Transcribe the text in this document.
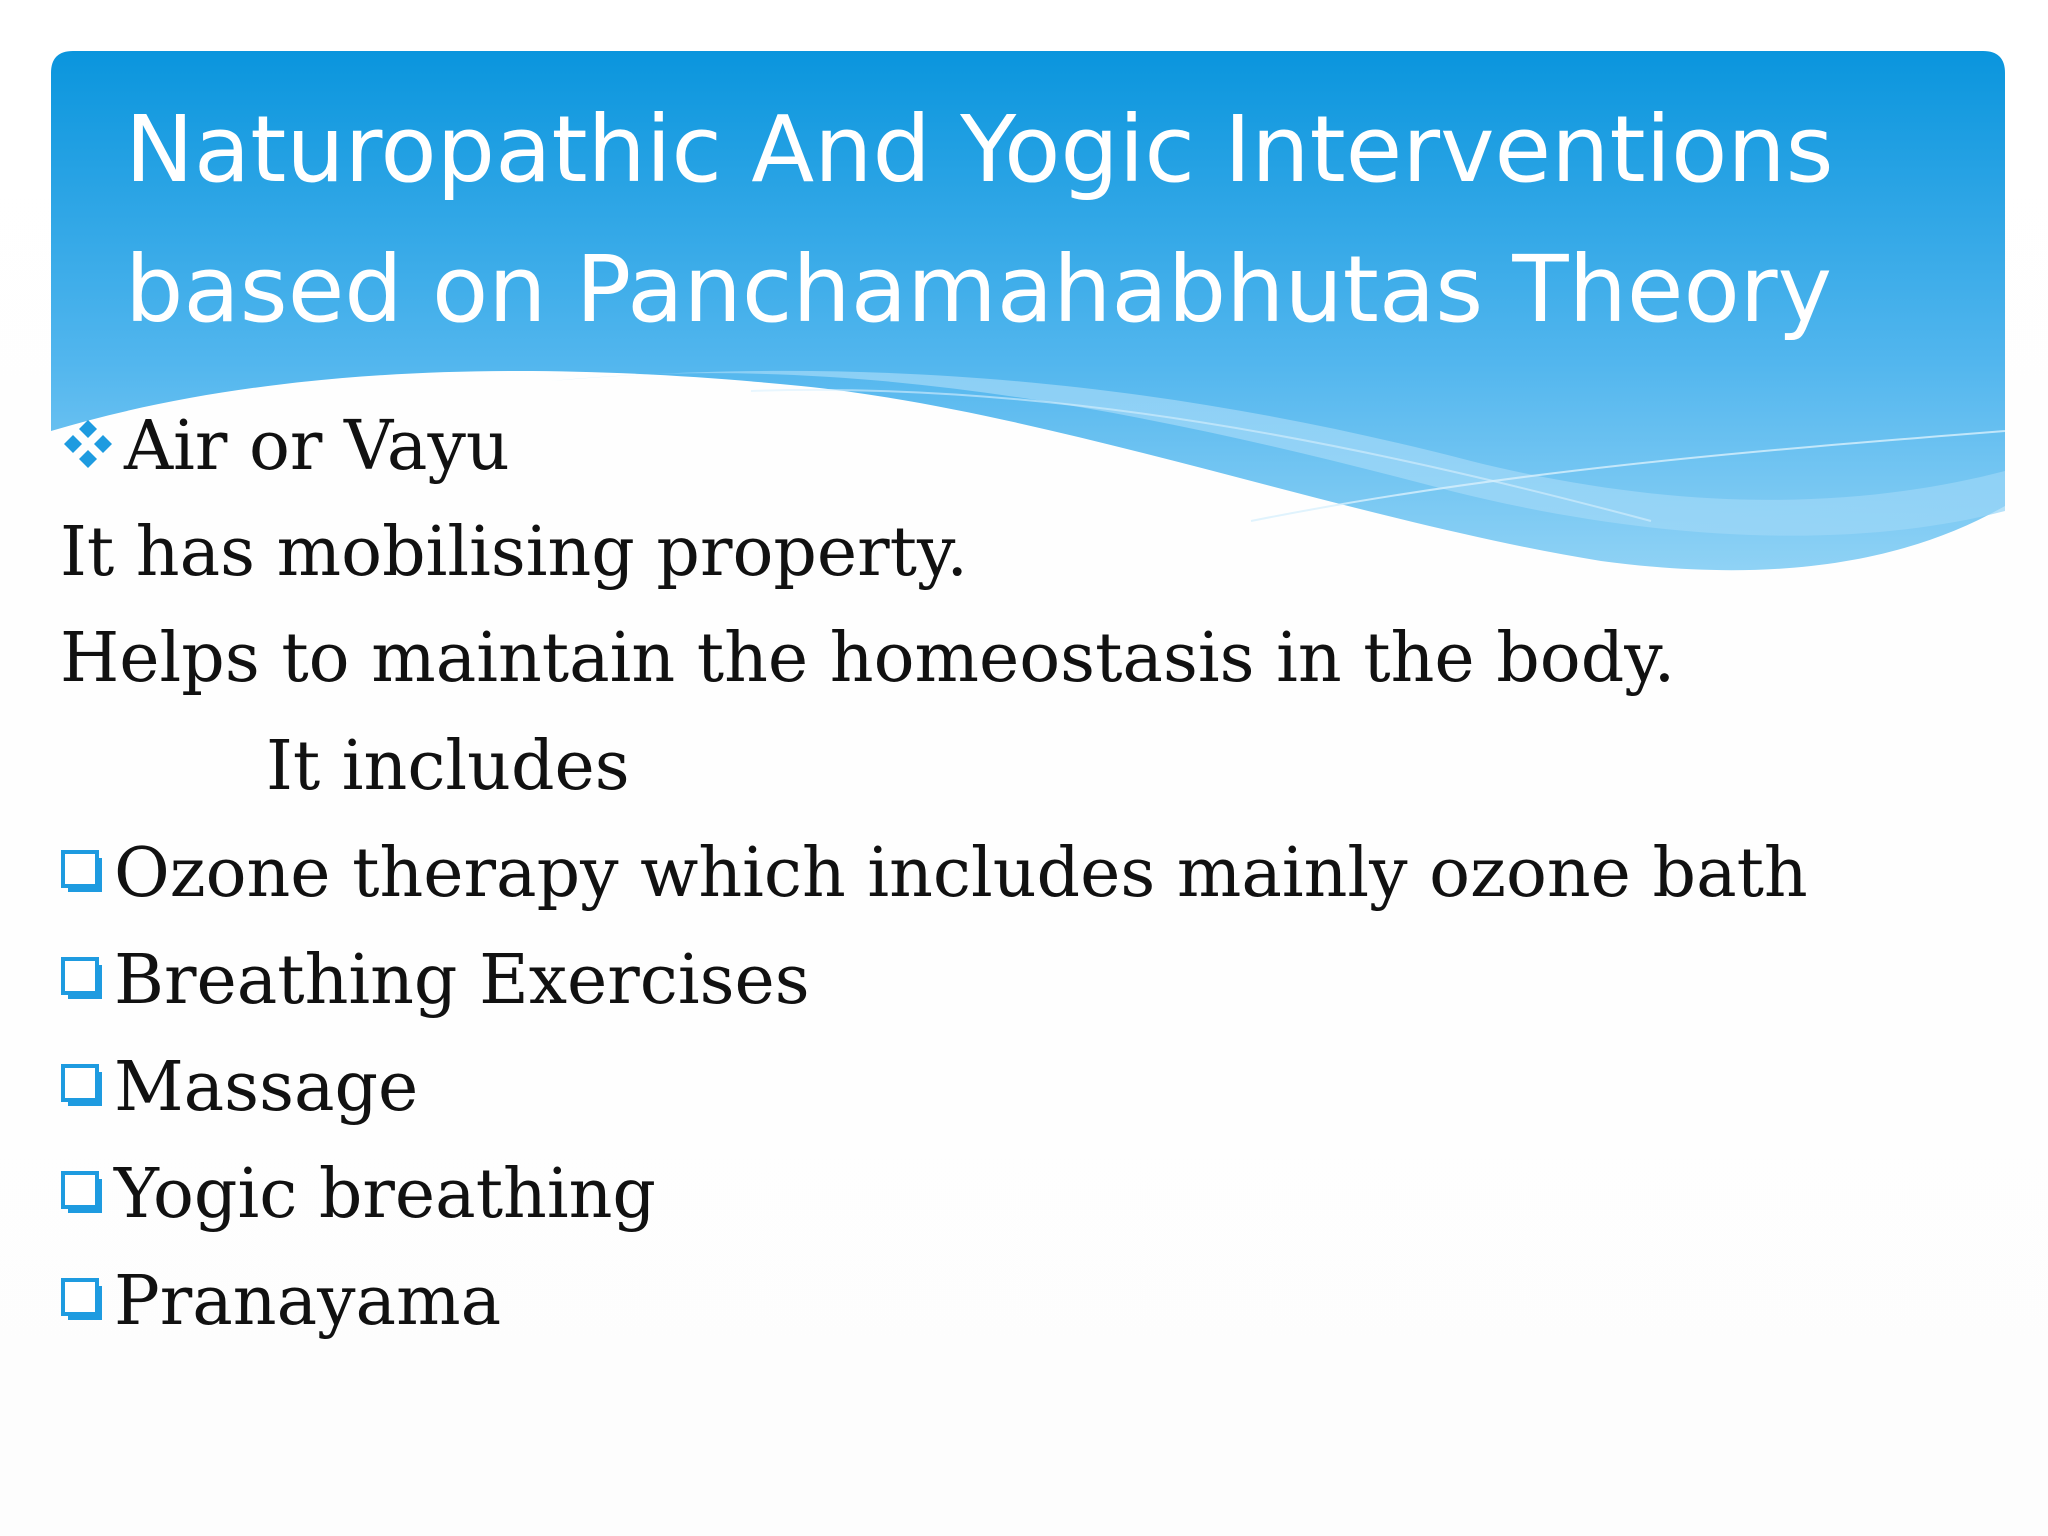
Naturopathic And Yogic Interventions
based on Panchamahabhutas Theory
Air or Vayu
It has mobilising property.
Helps to maintain the homeostasis in the body.
It includes
Ozone therapy which includes mainly ozone bath
Breathing Exercises
Massage
Yogic breathing
Pranayama
